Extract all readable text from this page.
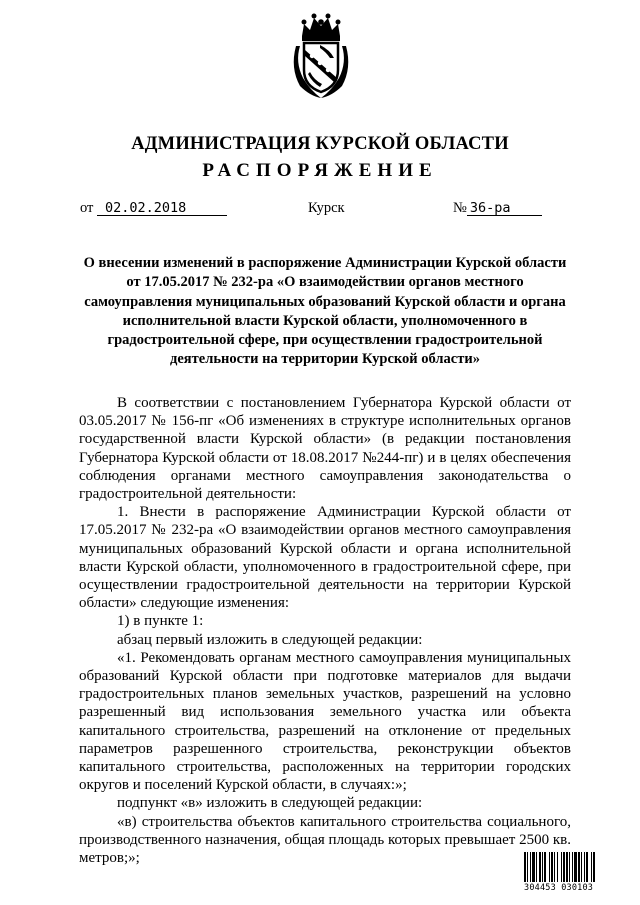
АДМИНИСТРАЦИЯ КУРСКОЙ ОБЛАСТИ
РАСПОРЯЖЕНИЕ
от 02.02.2018	Курск	№ 36-ра

О внесении изменений в распоряжение Администрации Курской области от 17.05.2017 № 232-ра «О взаимодействии органов местного самоуправления муниципальных образований Курской области и органа исполнительной власти Курской области, уполномоченного в градостроительной сфере, при осуществлении градостроительной деятельности на территории Курской области»

В соответствии с постановлением Губернатора Курской области от 03.05.2017 № 156-пг «Об изменениях в структуре исполнительных органов государственной власти Курской области» (в редакции постановления Губернатора Курской области от 18.08.2017 №244-пг) и в целях обеспечения соблюдения органами местного самоуправления законодательства о градостроительной деятельности:

1. Внести в распоряжение Администрации Курской области от 17.05.2017 № 232-ра «О взаимодействии органов местного самоуправления муниципальных образований Курской области и органа исполнительной власти Курской области, уполномоченного в градостроительной сфере, при осуществлении градостроительной деятельности на территории Курской области» следующие изменения:

1) в пункте 1:

абзац первый изложить в следующей редакции:

«1. Рекомендовать органам местного самоуправления муниципальных образований Курской области при подготовке материалов для выдачи градостроительных планов земельных участков, разрешений на условно разрешенный вид использования земельного участка или объекта капитального строительства, разрешений на отклонение от предельных параметров разрешенного строительства, реконструкции объектов капитального строительства, расположенных на территории городских округов и поселений Курской области, в случаях:»;

подпункт «в» изложить в следующей редакции:

«в) строительства объектов капитального строительства социального, производственного назначения, общая площадь которых превышает 2500 кв. метров;»;

304453 030103
